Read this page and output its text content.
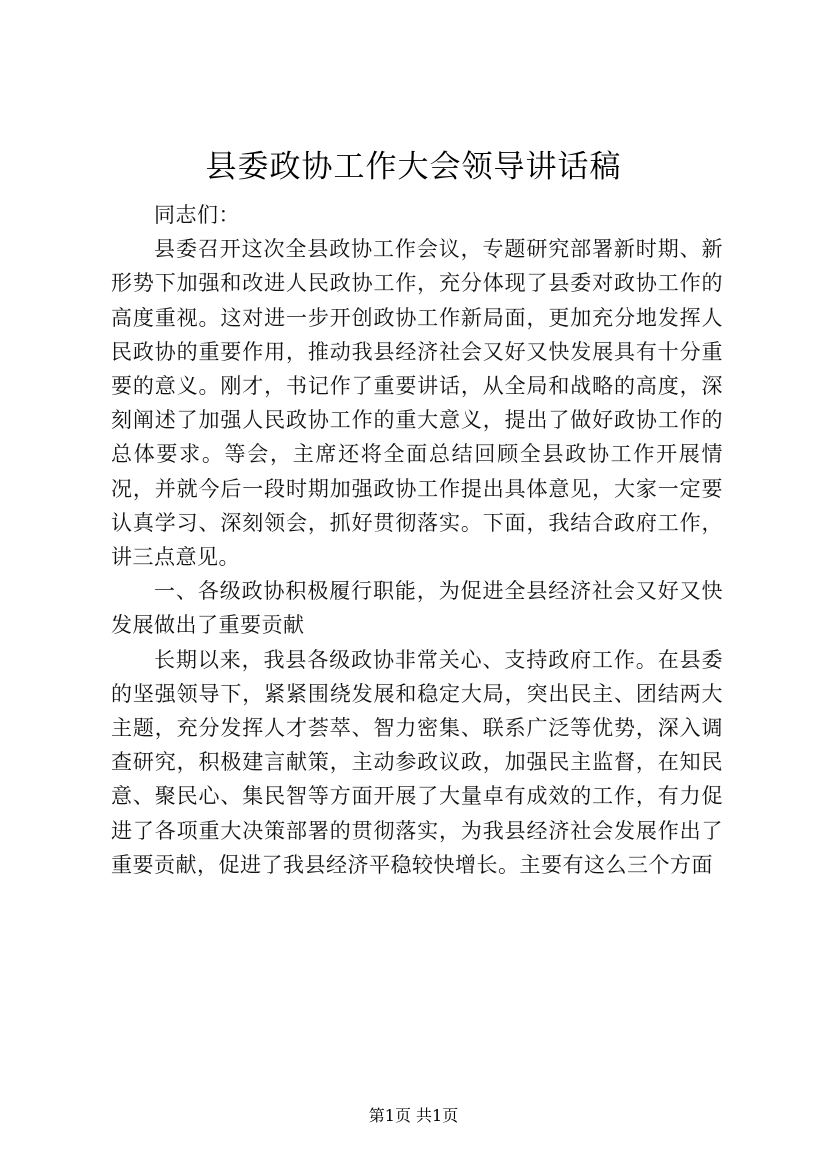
县委政协工作大会领导讲话稿

同志们：

县委召开这次全县政协工作会议，专题研究部署新时期、新形势下加强和改进人民政协工作，充分体现了县委对政协工作的高度重视。这对进一步开创政协工作新局面，更加充分地发挥人民政协的重要作用，推动我县经济社会又好又快发展具有十分重要的意义。刚才，书记作了重要讲话，从全局和战略的高度，深刻阐述了加强人民政协工作的重大意义，提出了做好政协工作的总体要求。等会，主席还将全面总结回顾全县政协工作开展情况，并就今后一段时期加强政协工作提出具体意见，大家一定要认真学习、深刻领会，抓好贯彻落实。下面，我结合政府工作，讲三点意见。

一、各级政协积极履行职能，为促进全县经济社会又好又快发展做出了重要贡献

长期以来，我县各级政协非常关心、支持政府工作。在县委的坚强领导下，紧紧围绕发展和稳定大局，突出民主、团结两大主题，充分发挥人才荟萃、智力密集、联系广泛等优势，深入调查研究，积极建言献策，主动参政议政，加强民主监督，在知民意、聚民心、集民智等方面开展了大量卓有成效的工作，有力促进了各项重大决策部署的贯彻落实，为我县经济社会发展作出了重要贡献，促进了我县经济平稳较快增长。主要有这么三个方面

第1页 共1页
